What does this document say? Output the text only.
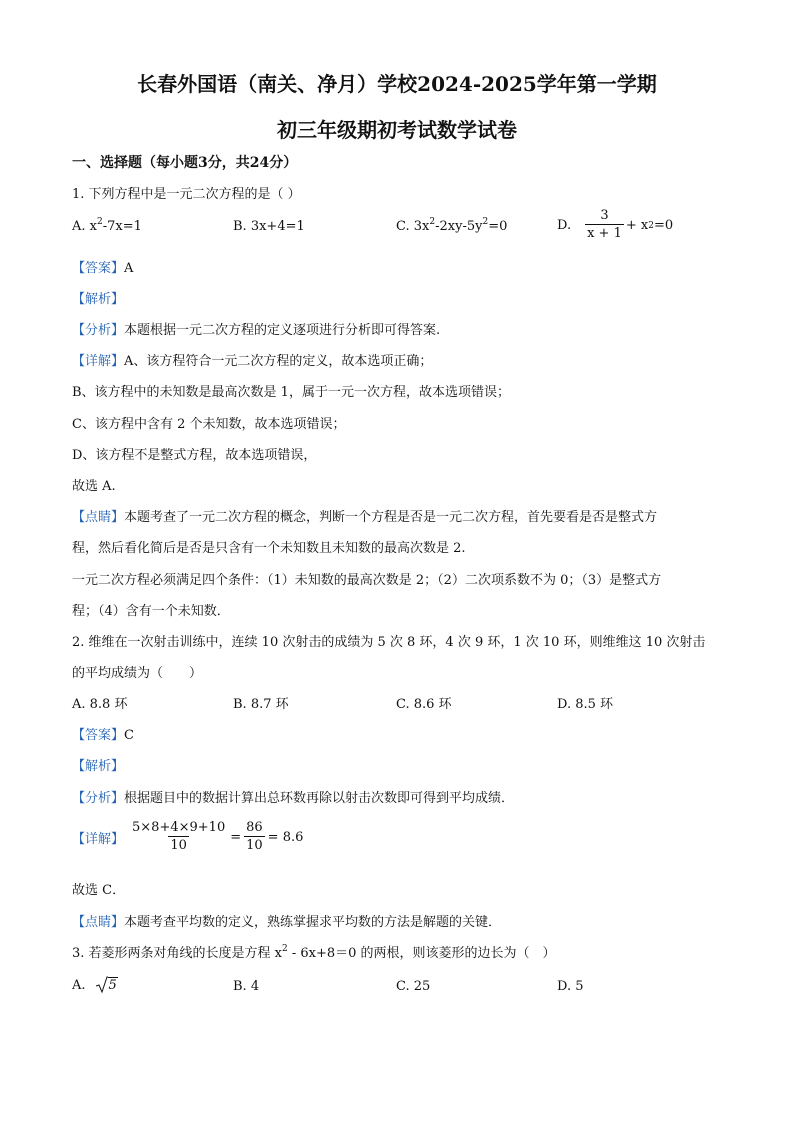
长春外国语（南关、净月）学校2024-2025学年第一学期
初三年级期初考试数学试卷
一、选择题（每小题3分，共24分）
1. 下列方程中是一元二次方程的是（ ）
A. $x^2-7x=1$	B. 3x+4=1	C. $3x^2-2xy-5y^2=0$	D. $\frac{3}{x + 1} + x$ 2 =0
【答案】A
【解析】
【分析】本题根据一元二次方程的定义逐项进行分析即可得答案.
【详解】A、该方程符合一元二次方程的定义，故本选项正确；
B、该方程中的未知数是最高次数是 1，属于一元一次方程，故本选项错误；
C、该方程中含有 2 个未知数，故本选项错误；
D、该方程不是整式方程，故本选项错误，
故选 A.
【点睛】本题考查了一元二次方程的概念，判断一个方程是否是一元二次方程，首先要看是否是整式方
程，然后看化简后是否是只含有一个未知数且未知数的最高次数是 2.
一元二次方程必须满足四个条件：（1）未知数的最高次数是 2；（2）二次项系数不为 0；（3）是整式方
程；（4）含有一个未知数．
2. 维维在一次射击训练中，连续 10 次射击的成绩为 5 次 8 环，4 次 9 环，1 次 10 环，则维维这 10 次射击
的平均成绩为（　　）
A. 8.8 环	B. 8.7 环	C. 8.6 环	D. 8.5 环
【答案】C
【解析】
【分析】根据题目中的数据计算出总环数再除以射击次数即可得到平均成绩．
【详解】 $\frac{5\times 8+4\times 9+10}{10} = \frac{86}{10} = 8.6$
故选 C．
【点睛】本题考查平均数的定义，熟练掌握求平均数的方法是解题的关键．
3. 若菱形两条对角线的长度是方程 $x^2 - 6x+8=0$ 的两根，则该菱形的边长为（　）
A. 5	B. 4	C. 25	D. 5
